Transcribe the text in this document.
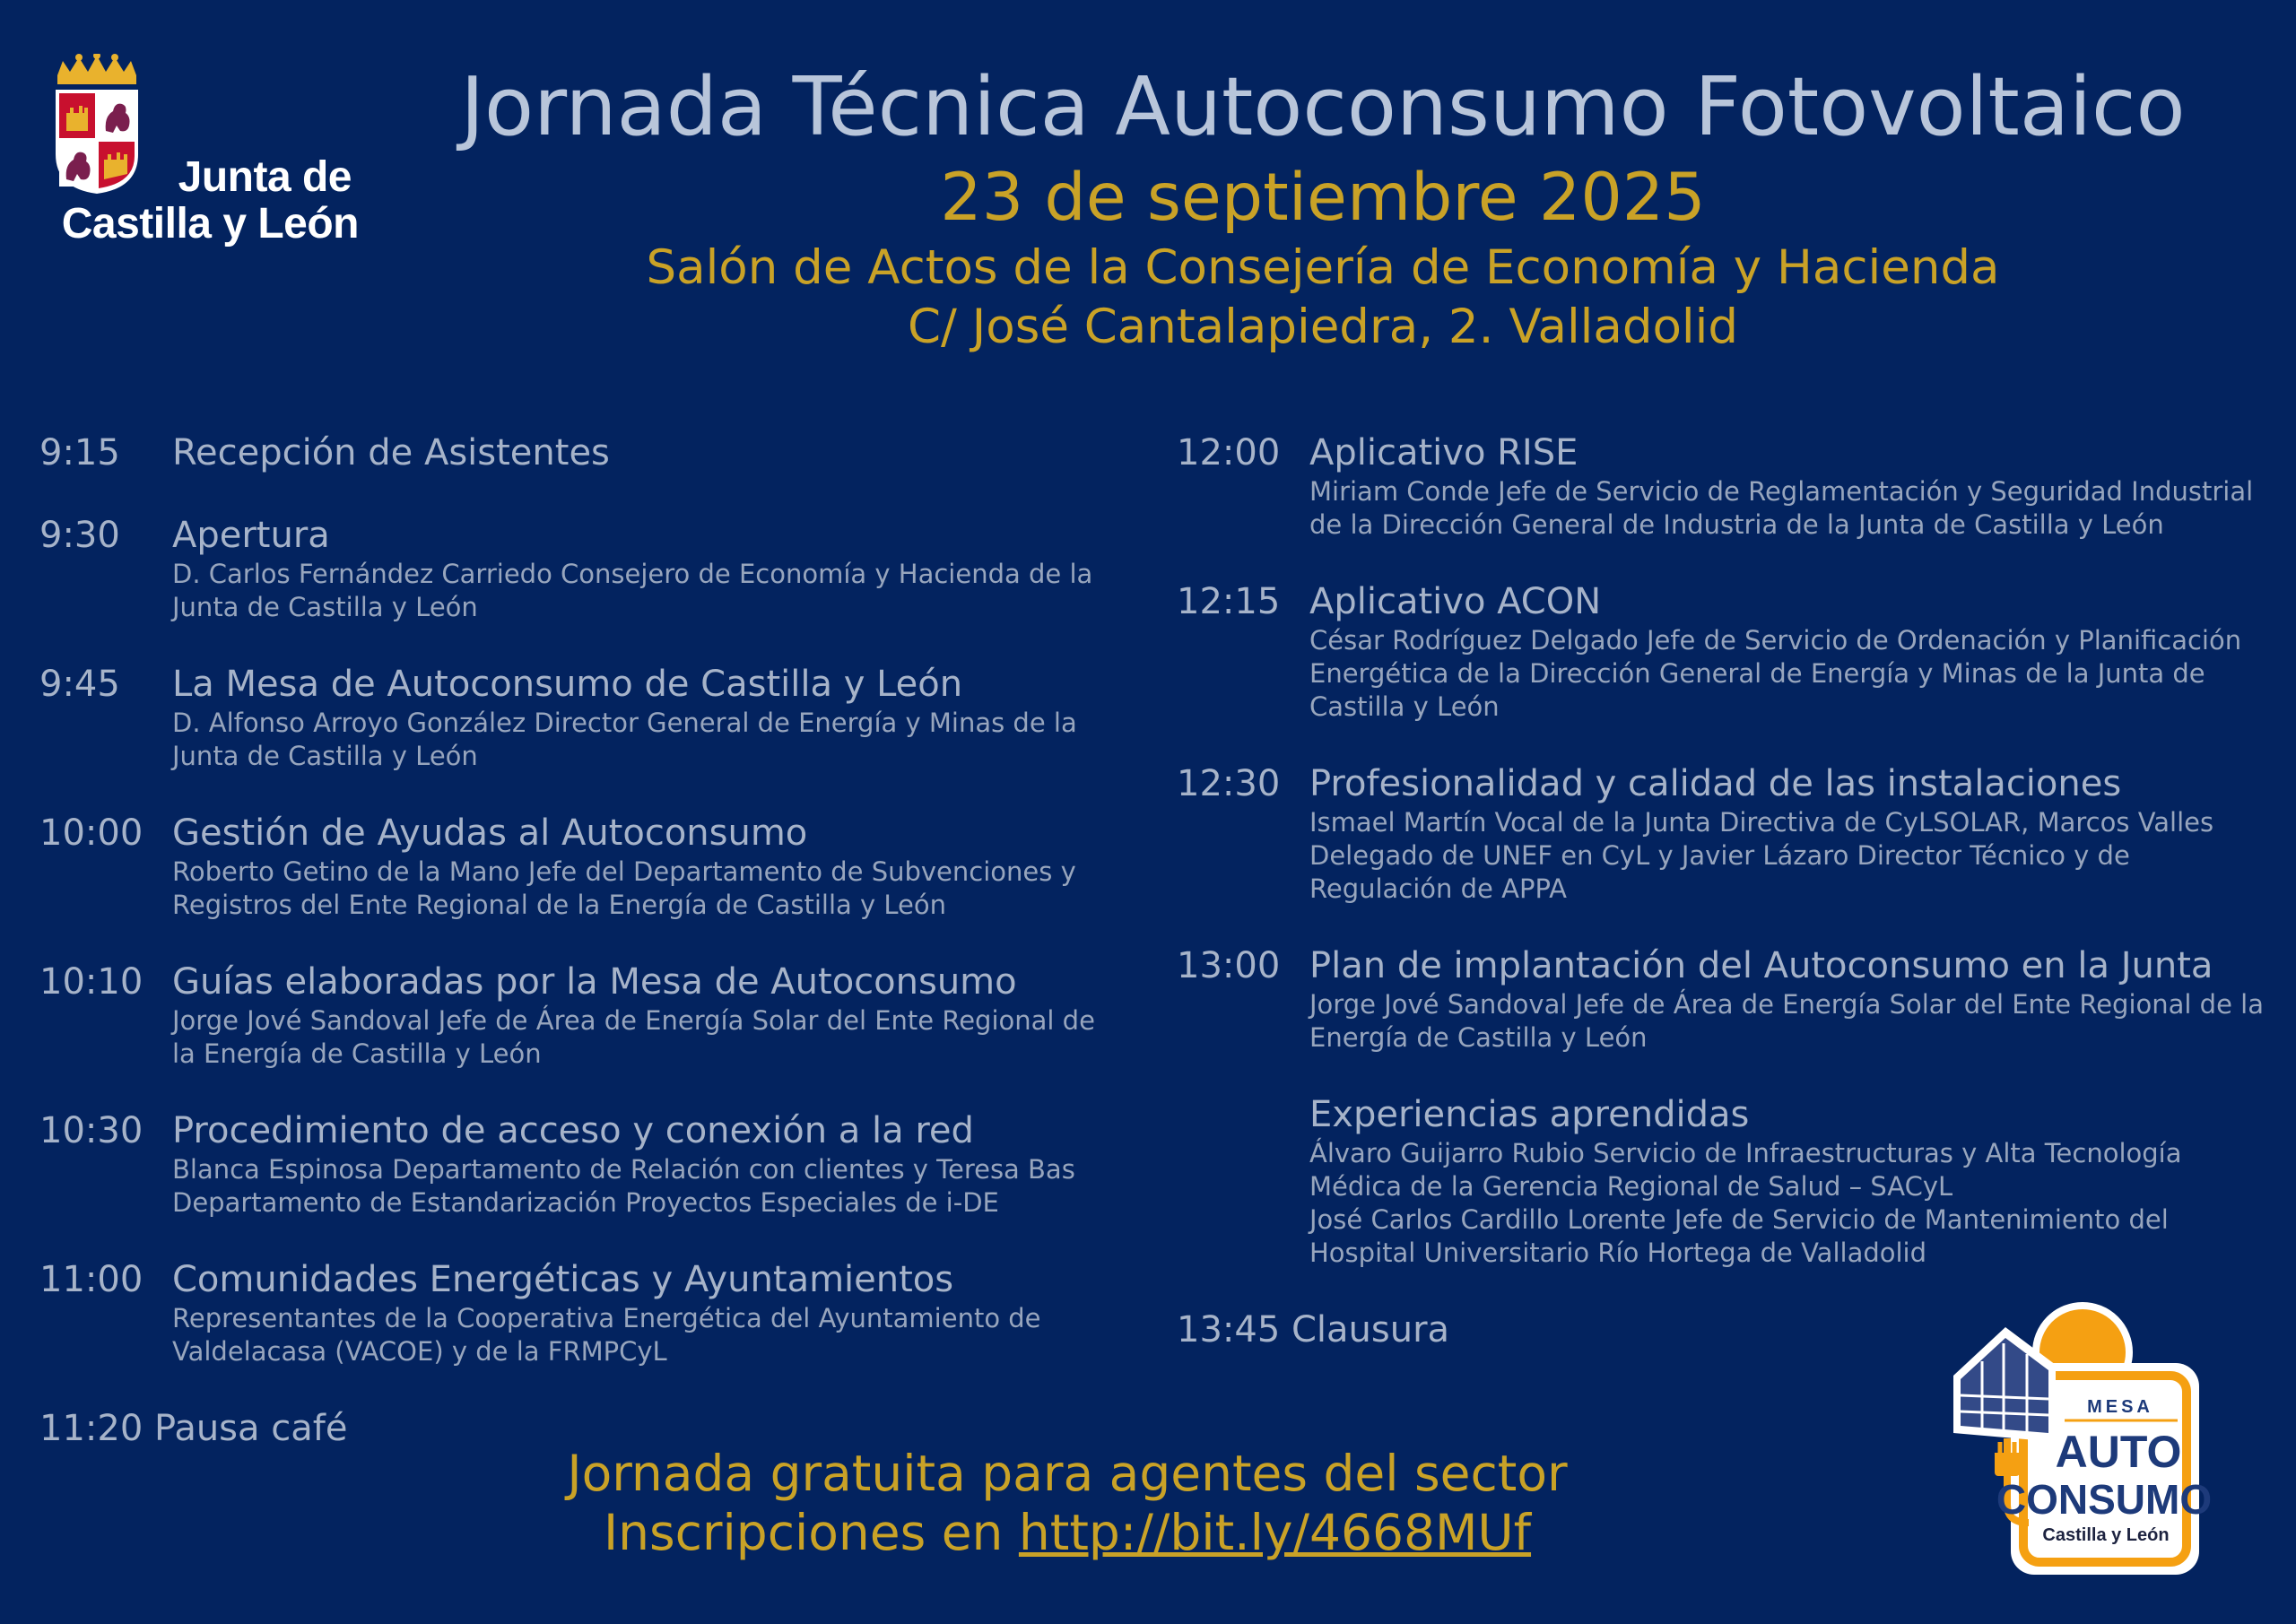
Junta de
Castilla y León
Jornada Técnica Autoconsumo Fotovoltaico
23 de septiembre 2025
Salón de Actos de la Consejería de Economía y Hacienda
C/ José Cantalapiedra, 2. Valladolid
9:15	Recepción de Asistentes
9:30	Apertura
D. Carlos Fernández Carriedo Consejero de Economía y Hacienda de la Junta de Castilla y León
9:45	La Mesa de Autoconsumo de Castilla y León
D. Alfonso Arroyo González Director General de Energía y Minas de la Junta de Castilla y León
10:00 Gestión de Ayudas al Autoconsumo
Roberto Getino de la Mano Jefe del Departamento de Subvenciones y Registros del Ente Regional de la Energía de Castilla y León
10:10 Guías elaboradas por la Mesa de Autoconsumo
Jorge Jové Sandoval Jefe de Área de Energía Solar del Ente Regional de la Energía de Castilla y León
10:30 Procedimiento de acceso y conexión a la red
Blanca Espinosa Departamento de Relación con clientes y Teresa Bas Departamento de Estandarización Proyectos Especiales de i-DE
11:00 Comunidades Energéticas y Ayuntamientos
Representantes de la Cooperativa Energética del Ayuntamiento de Valdelacasa (VACOE) y de la FRMPCyL
11:20 Pausa café
12:00 Aplicativo RISE
Miriam Conde Jefe de Servicio de Reglamentación y Seguridad Industrial de la Dirección General de Industria de la Junta de Castilla y León
12:15 Aplicativo ACON
César Rodríguez Delgado Jefe de Servicio de Ordenación y Planificación Energética de la Dirección General de Energía y Minas de la Junta de Castilla y León
12:30 Profesionalidad y calidad de las instalaciones
Ismael Martín Vocal de la Junta Directiva de CyLSOLAR, Marcos Valles Delegado de UNEF en CyL y Javier Lázaro Director Técnico y de Regulación de APPA
13:00 Plan de implantación del Autoconsumo en la Junta
Jorge Jové Sandoval Jefe de Área de Energía Solar del Ente Regional de la Energía de Castilla y León
Experiencias aprendidas
Álvaro Guijarro Rubio Servicio de Infraestructuras y Alta Tecnología Médica de la Gerencia Regional de Salud – SACyL
José Carlos Cardillo Lorente Jefe de Servicio de Mantenimiento del Hospital Universitario Río Hortega de Valladolid
13:45 Clausura
Jornada gratuita para agentes del sector
Inscripciones en http://bit.ly/4668MUf
MESA
AUTO
CONSUMO
Castilla y León
